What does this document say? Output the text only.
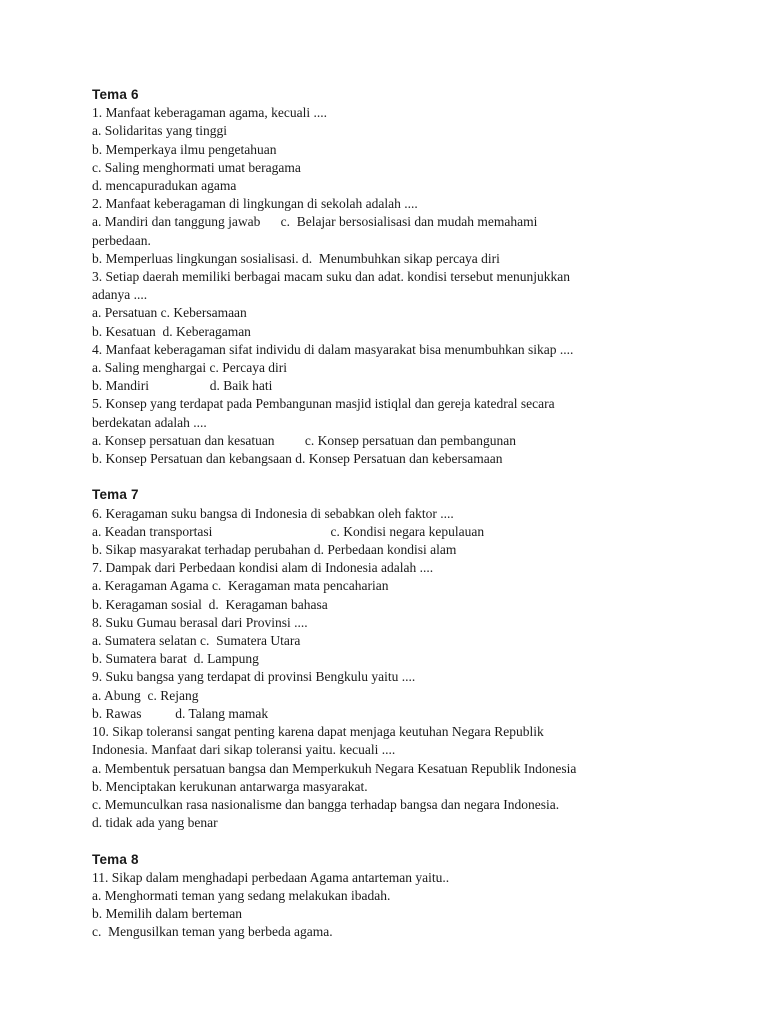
Tema 6
1. Manfaat keberagaman agama, kecuali ....
a. Solidaritas yang tinggi
b. Memperkaya ilmu pengetahuan
c. Saling menghormati umat beragama
d. mencapuradukan agama
2. Manfaat keberagaman di lingkungan di sekolah adalah ....
a. Mandiri dan tanggung jawab      c.  Belajar bersosialisasi dan mudah memahami
perbedaan.
b. Memperluas lingkungan sosialisasi. d.  Menumbuhkan sikap percaya diri
3. Setiap daerah memiliki berbagai macam suku dan adat. kondisi tersebut menunjukkan
adanya ....
a. Persatuan c. Kebersamaan
b. Kesatuan  d. Keberagaman
4. Manfaat keberagaman sifat individu di dalam masyarakat bisa menumbuhkan sikap ....
a. Saling menghargai c. Percaya diri
b. Mandiri                  d. Baik hati
5. Konsep yang terdapat pada Pembangunan masjid istiqlal dan gereja katedral secara
berdekatan adalah ....
a. Konsep persatuan dan kesatuan         c. Konsep persatuan dan pembangunan
b. Konsep Persatuan dan kebangsaan d. Konsep Persatuan dan kebersamaan
Tema 7
6. Keragaman suku bangsa di Indonesia di sebabkan oleh faktor ....
a. Keadan transportasi                                   c. Kondisi negara kepulauan
b. Sikap masyarakat terhadap perubahan d. Perbedaan kondisi alam
7. Dampak dari Perbedaan kondisi alam di Indonesia adalah ....
a. Keragaman Agama c.  Keragaman mata pencaharian
b. Keragaman sosial  d.  Keragaman bahasa
8. Suku Gumau berasal dari Provinsi ....
a. Sumatera selatan c.  Sumatera Utara
b. Sumatera barat  d. Lampung
9. Suku bangsa yang terdapat di provinsi Bengkulu yaitu ....
a. Abung  c. Rejang
b. Rawas          d. Talang mamak
10. Sikap toleransi sangat penting karena dapat menjaga keutuhan Negara Republik
Indonesia. Manfaat dari sikap toleransi yaitu. kecuali ....
a. Membentuk persatuan bangsa dan Memperkukuh Negara Kesatuan Republik Indonesia
b. Menciptakan kerukunan antarwarga masyarakat.
c. Memunculkan rasa nasionalisme dan bangga terhadap bangsa dan negara Indonesia.
d. tidak ada yang benar
Tema 8
11. Sikap dalam menghadapi perbedaan Agama antarteman yaitu..
a. Menghormati teman yang sedang melakukan ibadah.
b. Memilih dalam berteman
c.  Mengusilkan teman yang berbeda agama.
